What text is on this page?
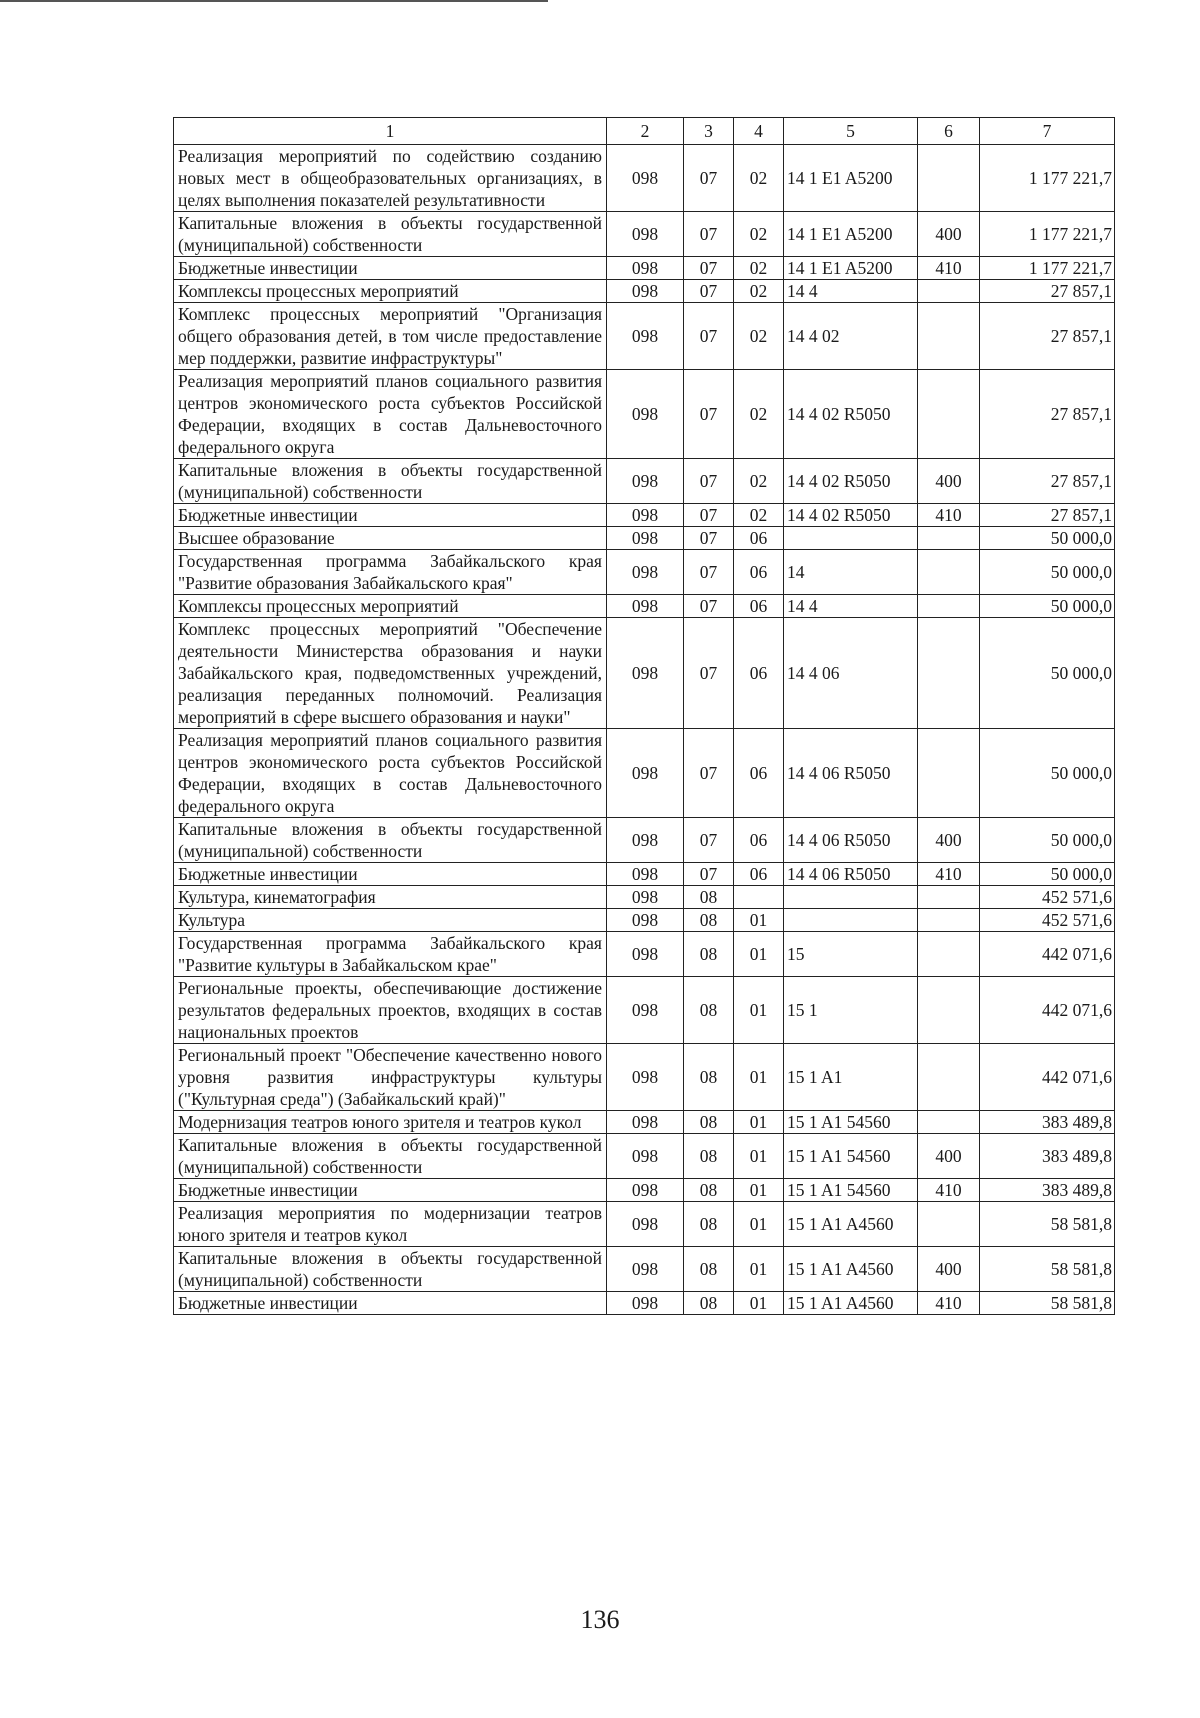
1	2	3	4	5	6	7
Реализация мероприятий по содействию созданию новых мест в общеобразовательных организациях, в целях выполнения показателей результативности	098	07	02	14 1 E1 A5200		1 177 221,7
Капитальные вложения в объекты государственной (муниципальной) собственности	098	07	02	14 1 E1 A5200	400	1 177 221,7
Бюджетные инвестиции	098	07	02	14 1 E1 A5200	410	1 177 221,7
Комплексы процессных мероприятий	098	07	02	14 4		27 857,1
Комплекс процессных мероприятий "Организация общего образования детей, в том числе предоставление мер поддержки, развитие инфраструктуры"	098	07	02	14 4 02		27 857,1
Реализация мероприятий планов социального развития центров экономического роста субъектов Российской Федерации, входящих в состав Дальневосточного федерального округа	098	07	02	14 4 02 R5050		27 857,1
Капитальные вложения в объекты государственной (муниципальной) собственности	098	07	02	14 4 02 R5050	400	27 857,1
Бюджетные инвестиции	098	07	02	14 4 02 R5050	410	27 857,1
Высшее образование	098	07	06			50 000,0
Государственная программа Забайкальского края "Развитие образования Забайкальского края"	098	07	06	14		50 000,0
Комплексы процессных мероприятий	098	07	06	14 4		50 000,0
Комплекс процессных мероприятий "Обеспечение деятельности Министерства образования и науки Забайкальского края, подведомственных учреждений, реализация переданных полномочий. Реализация мероприятий в сфере высшего образования и науки"	098	07	06	14 4 06		50 000,0
Реализация мероприятий планов социального развития центров экономического роста субъектов Российской Федерации, входящих в состав Дальневосточного федерального округа	098	07	06	14 4 06 R5050		50 000,0
Капитальные вложения в объекты государственной (муниципальной) собственности	098	07	06	14 4 06 R5050	400	50 000,0
Бюджетные инвестиции	098	07	06	14 4 06 R5050	410	50 000,0
Культура, кинематография	098	08				452 571,6
Культура	098	08	01			452 571,6
Государственная программа Забайкальского края "Развитие культуры в Забайкальском крае"	098	08	01	15		442 071,6
Региональные проекты, обеспечивающие достижение результатов федеральных проектов, входящих в состав национальных проектов	098	08	01	15 1		442 071,6
Региональный проект "Обеспечение качественно нового уровня развития инфраструктуры культуры ("Культурная среда") (Забайкальский край)"	098	08	01	15 1 A1		442 071,6
Модернизация театров юного зрителя и театров кукол	098	08	01	15 1 A1 54560		383 489,8
Капитальные вложения в объекты государственной (муниципальной) собственности	098	08	01	15 1 A1 54560	400	383 489,8
Бюджетные инвестиции	098	08	01	15 1 A1 54560	410	383 489,8
Реализация мероприятия по модернизации театров юного зрителя и театров кукол	098	08	01	15 1 A1 A4560		58 581,8
Капитальные вложения в объекты государственной (муниципальной) собственности	098	08	01	15 1 A1 A4560	400	58 581,8
Бюджетные инвестиции	098	08	01	15 1 A1 A4560	410	58 581,8
136
